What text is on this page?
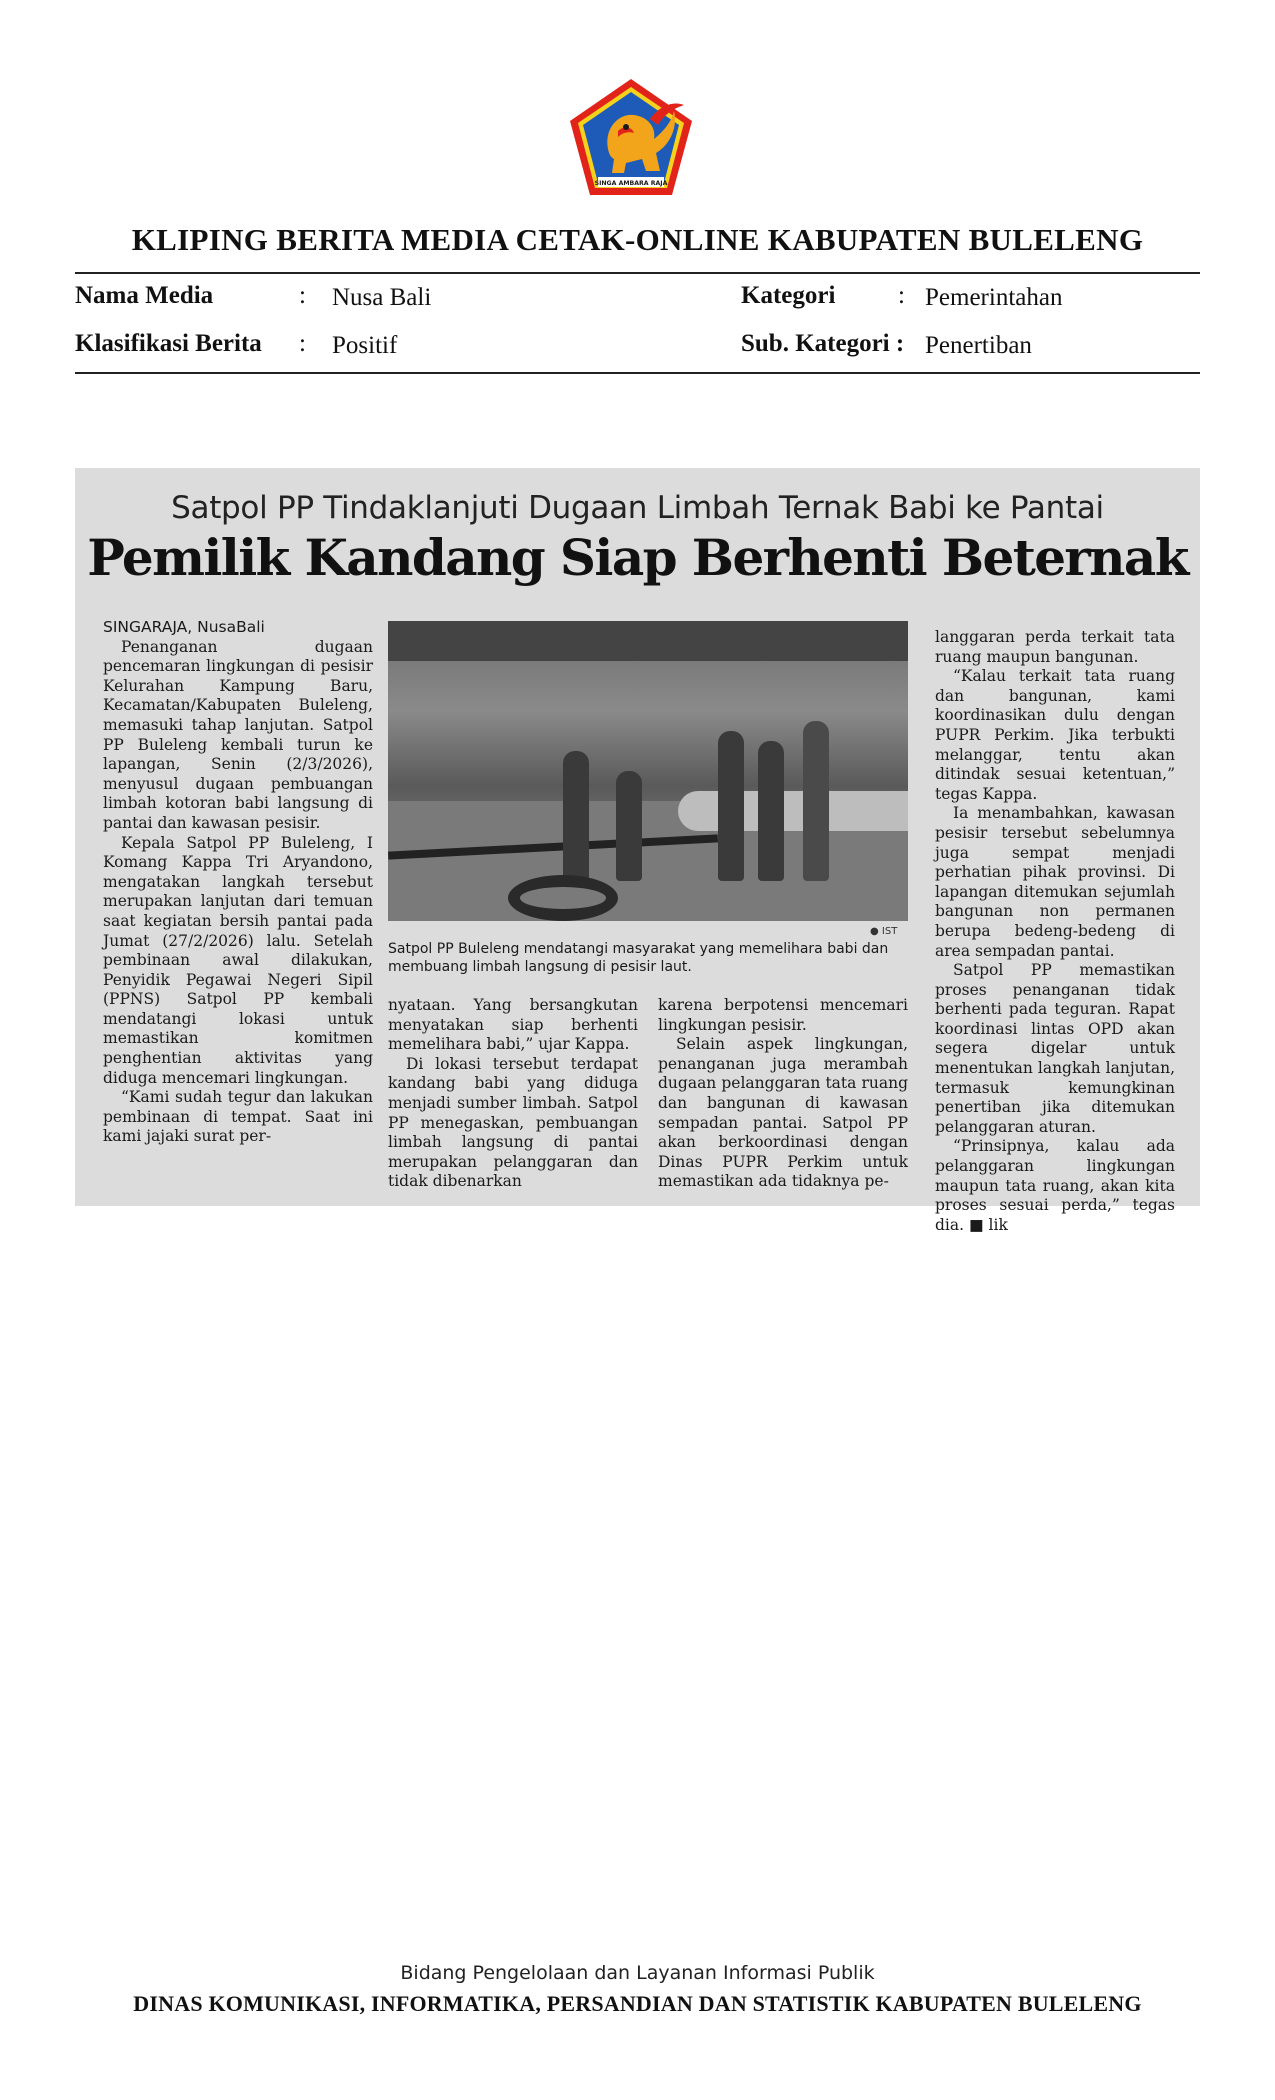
SINGA AMBARA RAJA
KLIPING BERITA MEDIA CETAK-ONLINE KABUPATEN BULELENG
Nama Media	: Nusa Bali	Kategori	: Pemerintahan
Klasifikasi Berita : Positif	Sub. Kategori : Penertiban
Satpol PP Tindaklanjuti Dugaan Limbah Ternak Babi ke Pantai
Pemilik Kandang Siap Berhenti Beternak

SINGARAJA, NusaBali

Penanganan dugaan pencemaran lingkungan di pesisir Kelurahan Kampung Baru, Kecamatan/Kabupaten Buleleng, memasuki tahap lanjutan. Satpol PP Buleleng kembali turun ke lapangan, Senin (2/3/2026), menyusul dugaan pembuangan limbah kotoran babi langsung di pantai dan kawasan pesisir.

Kepala Satpol PP Buleleng, I Komang Kappa Tri Aryandono, mengatakan langkah tersebut merupakan lanjutan dari temuan saat kegiatan bersih pantai pada Jumat (27/2/2026) lalu. Setelah pembinaan awal dilakukan, Penyidik Pegawai Negeri Sipil (PPNS) Satpol PP kembali mendatangi lokasi untuk memastikan komitmen penghentian aktivitas yang diduga mencemari lingkungan.

“Kami sudah tegur dan lakukan pembinaan di tempat. Saat ini kami jajaki surat per-

● IST
Satpol PP Buleleng mendatangi masyarakat yang memelihara babi dan membuang limbah langsung di pesisir laut.

nyataan. Yang bersangkutan menyatakan siap berhenti memelihara babi,” ujar Kappa.

Di lokasi tersebut terdapat kandang babi yang diduga menjadi sumber limbah. Satpol PP menegaskan, pembuangan limbah langsung di pantai merupakan pelanggaran dan tidak dibenarkan

karena berpotensi mencemari lingkungan pesisir.

Selain aspek lingkungan, penanganan juga merambah dugaan pelanggaran tata ruang dan bangunan di kawasan sempadan pantai. Satpol PP akan berkoordinasi dengan Dinas PUPR Perkim untuk memastikan ada tidaknya pe-

langgaran perda terkait tata ruang maupun bangunan.

“Kalau terkait tata ruang dan bangunan, kami koordinasikan dulu dengan PUPR Perkim. Jika terbukti melanggar, tentu akan ditindak sesuai ketentuan,” tegas Kappa.

Ia menambahkan, kawasan pesisir tersebut sebelumnya juga sempat menjadi perhatian pihak provinsi. Di lapangan ditemukan sejumlah bangunan non permanen berupa bedeng-bedeng di area sempadan pantai.

Satpol PP memastikan proses penanganan tidak berhenti pada teguran. Rapat koordinasi lintas OPD akan segera digelar untuk menentukan langkah lanjutan, termasuk kemungkinan penertiban jika ditemukan pelanggaran aturan.

“Prinsipnya, kalau ada pelanggaran lingkungan maupun tata ruang, akan kita proses sesuai perda,” tegas dia. ■ lik

Bidang Pengelolaan dan Layanan Informasi Publik
DINAS KOMUNIKASI, INFORMATIKA, PERSANDIAN DAN STATISTIK KABUPATEN BULELENG
